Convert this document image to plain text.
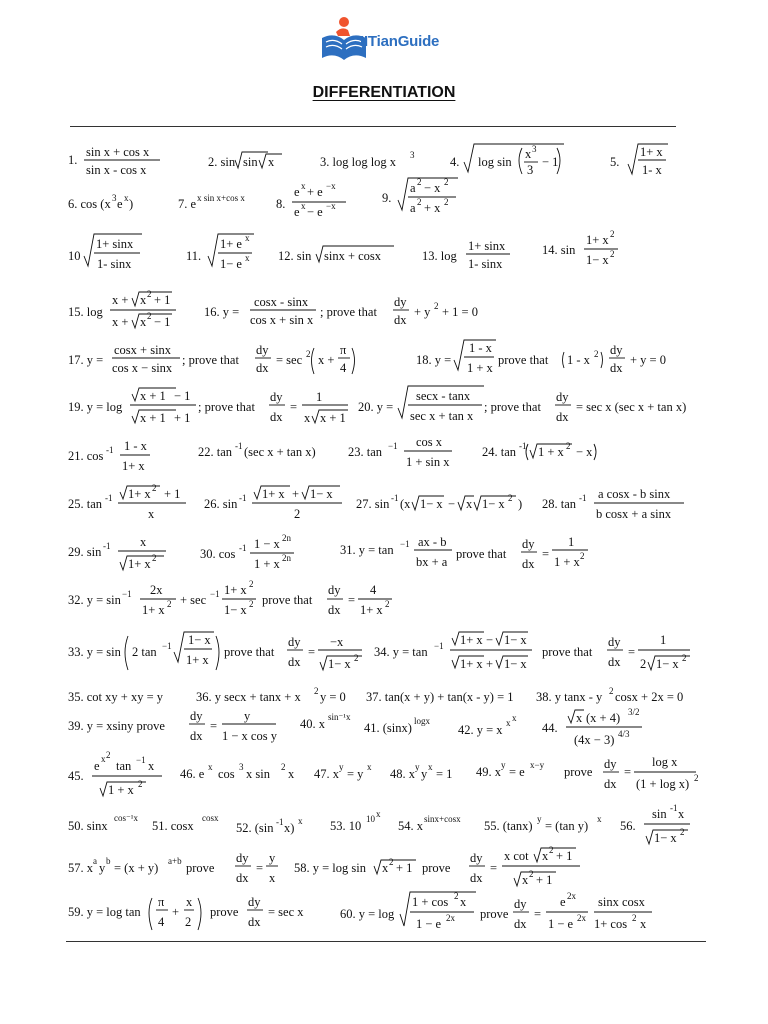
IITianGuide
DIFFERENTIATION
1.
sin x + cos x
sin x - cos x
2. sin sin x	3. log log log x 3	4. log sin
x 3
3
− 1	5.
1+ x
1- x
6. cos (x 3 e x )	7. e x sin x+cos x 8.
e x + e −x
e x − e −x
9.
a 2 − x 2
a 2 + x 2
10
1+ sinx
1- sinx
11.
1+ e x
1− e x 12. sin sinx + cosx	13. log
1+ sinx
1- sinx
14. sin
1+ x 2
1− x 2
15. log
x + x 2 + 1
x + x 2 − 1
16. y =
cosx - sinx
cos x + sin x
; prove that
dy
dx
+ y 2 + 1 = 0
17. y =
cosx + sinx
cos x − sinx
; prove that
dy
dx
= sec 2 x +
π
4
18. y =
1 - x
1 + x
prove that 1 - x 2 dy
dx
+ y = 0
19. y = log
x + 1 − 1
x + 1 + 1
; prove that
dy
dx
=
1
x x + 1
20. y =
secx - tanx
sec x + tan x
; prove that
dy
dx
= sec x (sec x + tan x)
21. cos -1 1 - x
1+ x
22. tan -1 (sec x + tan x)	23. tan −1 cos x
1 + sin x
24. tan -1 1 + x 2 − x
25. tan -1 1+ x 2 + 1
x
26. sin -1 1+ x + 1− x
2
27. sin -1 (x 1− x − x 1− x 2 ) 28. tan -1 a cosx - b sinx
b cosx + a sinx
29. sin -1 x
1+ x 2	30. cos -1 1 − x 2n
1 + x 2n
31. y = tan −1 ax - b
bx + a
prove that
dy
dx
=
1
1 + x 2
32. y = sin −1 2x
1+ x 2 + sec −1 1+ x 2
1− x 2 prove that
dy
dx
=
4
1+ x 2
33. y = sin 2 tan −1 1− x
1+ x
prove that
dy
dx
=
−x
1− x 2 34. y = tan −1 1+ x − 1− x
1+ x + 1− x
prove that
dy
dx
=
1
2 1− x 2
35. cot xy + xy = y	36. y secx + tanx + x 2 y = 0 37. tan(x + y) + tan(x - y) = 1 38. y tanx - y 2 cosx + 2x = 0
39. y = xsiny prove
dy
dx
=
y
1 − x cos y
40. x sin⁻¹x
41. (sinx) logx
42. y = x x x
44.
x (x + 4) 3/2
(4x − 3) 4/3
45.
e x 2
tan −1 x
1 + x 2
46. e x cos 3 x sin 2 x 47. x y = y x 48. x y y x = 1 49. x y = e x−y prove
dy
dx
=
log x
(1 + log x) 2
50. sinx
cos⁻¹x
51. cosx
cosx
52. (sin -1 x) x 53. 10 10 x
54. x sinx+cosx 55. (tanx) y = (tan y) x 56.
sin -1 x
1− x 2
57. x a y b = (x + y) a+b prove
dy
dx
=
y
x
58. y = log sin x 2 + 1 prove
dy
dx
=
x cot x 2 + 1
x 2 + 1
59. y = log tan
π
4
+
x
2
prove
dy
dx
= sec x	60. y = log
1 + cos 2 x
1 − e 2x prove
dy
dx
=
e 2x
1 − e 2x
sinx cosx
1+ cos 2 x
